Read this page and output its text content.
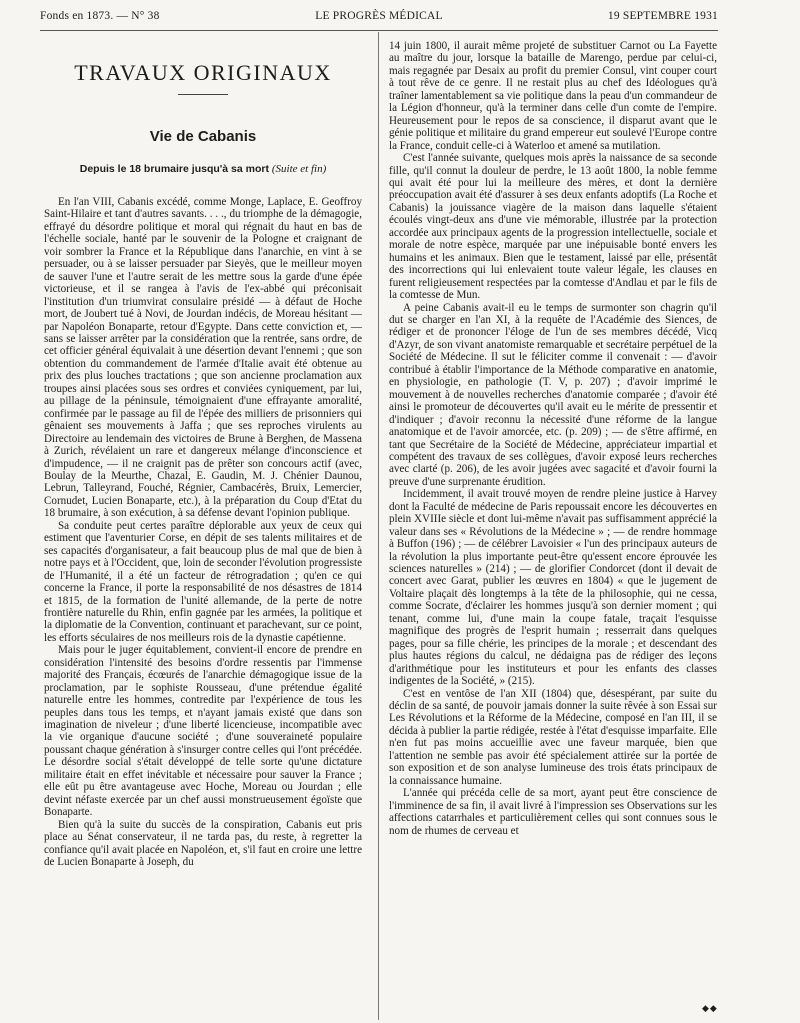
Fonds en 1873. — N° 38	LE PROGRÈS MÉDICAL	19 SEPTEMBRE 1931
TRAVAUX ORIGINAUX
Vie de Cabanis
Depuis le 18 brumaire jusqu'à sa mort (Suite et fin)

En l'an VIII, Cabanis excédé, comme Monge, Laplace, E. Geoffroy Saint-Hilaire et tant d'autres savants. . . ., du triomphe de la démagogie, effrayé du désordre politique et moral qui régnait du haut en bas de l'échelle sociale, hanté par le souvenir de la Pologne et craignant de voir sombrer la France et la République dans l'anarchie, en vint à se persuader, ou à se laisser persuader par Sieyès, que le meilleur moyen de sauver l'une et l'autre serait de les mettre sous la garde d'une épée victorieuse, et il se rangea à l'avis de l'ex-abbé qui préconisait l'institution d'un triumvirat consulaire présidé — à défaut de Hoche mort, de Joubert tué à Novi, de Jourdan indécis, de Moreau hésitant — par Napoléon Bonaparte, retour d'Egypte. Dans cette conviction et, — sans se laisser arrêter par la considération que la rentrée, sans ordre, de cet officier général équivalait à une désertion devant l'ennemi ; que son obtention du commandement de l'armée d'Italie avait été obtenue au prix des plus louches tractations ; que son ancienne proclamation aux troupes ainsi placées sous ses ordres et conviées cyniquement, par lui, au pillage de la péninsule, témoignaient d'une effrayante amoralité, confirmée par le passage au fil de l'épée des milliers de prisonniers qui gênaient ses mouvements à Jaffa ; que ses reproches virulents au Directoire au lendemain des victoires de Brune à Berghen, de Massena à Zurich, révélaient un rare et dangereux mélange d'inconscience et d'impudence, — il ne craignit pas de prêter son concours actif (avec, Boulay de la Meurthe, Chazal, E. Gaudin, M. J. Chénier Daunou, Lebrun, Talleyrand, Fouché, Régnier, Cambacérès, Bruix, Lemercier, Cornudet, Lucien Bonaparte, etc.), à la préparation du Coup d'Etat du 18 brumaire, à son exécution, à sa défense devant l'opinion publique.

Sa conduite peut certes paraître déplorable aux yeux de ceux qui estiment que l'aventurier Corse, en dépit de ses talents militaires et de ses capacités d'organisateur, a fait beaucoup plus de mal que de bien à notre pays et à l'Occident, que, loin de seconder l'évolution progressiste de l'Humanité, il a été un facteur de rétrogradation ; qu'en ce qui concerne la France, il porte la responsabilité de nos désastres de 1814 et 1815, de la formation de l'unité allemande, de la perte de notre frontière naturelle du Rhin, enfin gagnée par les armées, la politique et la diplomatie de la Convention, continuant et parachevant, sur ce point, les efforts séculaires de nos meilleurs rois de la dynastie capétienne.

Mais pour le juger équitablement, convient-il encore de prendre en considération l'intensité des besoins d'ordre ressentis par l'immense majorité des Français, écœurés de l'anarchie démagogique issue de la proclamation, par le sophiste Rousseau, d'une prétendue égalité naturelle entre les hommes, contredite par l'expérience de tous les peuples dans tous les temps, et n'ayant jamais existé que dans son imagination de niveleur ; d'une liberté licencieuse, incompatible avec la vie organique d'aucune société ; d'une souveraineté populaire poussant chaque génération à s'insurger contre celles qui l'ont précédée. Le désordre social s'était développé de telle sorte qu'une dictature militaire était en effet inévitable et nécessaire pour sauver la France ; elle eût pu être avantageuse avec Hoche, Moreau ou Jourdan ; elle devint néfaste exercée par un chef aussi monstrueusement égoïste que Bonaparte.

Bien qu'à la suite du succès de la conspiration, Cabanis eut pris place au Sénat conservateur, il ne tarda pas, du reste, à regretter la confiance qu'il avait placée en Napoléon, et, s'il faut en croire une lettre de Lucien Bonaparte à Joseph, du

14 juin 1800, il aurait même projeté de substituer Carnot ou La Fayette au maître du jour, lorsque la bataille de Marengo, perdue par celui-ci, mais regagnée par Desaix au profit du premier Consul, vint couper court à tout rêve de ce genre. Il ne restait plus au chef des Idéologues qu'à traîner lamentablement sa vie politique dans la peau d'un commandeur de la Légion d'honneur, qu'à la terminer dans celle d'un comte de l'empire. Heureusement pour le repos de sa conscience, il disparut avant que le génie politique et militaire du grand empereur eut soulevé l'Europe contre la France, conduit celle-ci à Waterloo et amené sa mutilation.

C'est l'année suivante, quelques mois après la naissance de sa seconde fille, qu'il connut la douleur de perdre, le 13 août 1800, la noble femme qui avait été pour lui la meilleure des mères, et dont la dernière préoccupation avait été d'assurer à ses deux enfants adoptifs (La Roche et Cabanis) la jouissance viagère de la maison dans laquelle s'étaient écoulés vingt-deux ans d'une vie mémorable, illustrée par la protection accordée aux principaux agents de la progression intellectuelle, sociale et morale de notre espèce, marquée par une inépuisable bonté envers les humains et les animaux. Bien que le testament, laissé par elle, présentât des incorrections qui lui enlevaient toute valeur légale, les clauses en furent religieusement respectées par la comtesse d'Andlau et par le fils de la comtesse de Mun.

A peine Cabanis avait-il eu le temps de surmonter son chagrin qu'il dut se charger en l'an XI, à la requête de l'Académie des Siences, de rédiger et de prononcer l'éloge de l'un de ses membres décédé, Vicq d'Azyr, de son vivant anatomiste remarquable et secrétaire perpétuel de la Société de Médecine. Il sut le féliciter comme il convenait : — d'avoir contribué à établir l'importance de la Méthode comparative en anatomie, en physiologie, en pathologie (T. V, p. 207) ; d'avoir imprimé le mouvement à de nouvelles recherches d'anatomie comparée ; d'avoir été ainsi le promoteur de découvertes qu'il avait eu le mérite de pressentir et d'indiquer ; d'avoir reconnu la nécessité d'une réforme de la langue anatomique et de l'avoir amorcée, etc. (p. 209) ; — de s'être affirmé, en tant que Secrétaire de la Société de Médecine, appréciateur impartial et compétent des travaux de ses collègues, d'avoir exposé leurs recherches avec clarté (p. 206), de les avoir jugées avec sagacité et d'avoir fourni la preuve d'une surprenante érudition.

Incidemment, il avait trouvé moyen de rendre pleine justice à Harvey dont la Faculté de médecine de Paris repoussait encore les découvertes en plein XVIIIe siècle et dont lui-même n'avait pas suffisamment apprécié la valeur dans ses « Révolutions de la Médecine » ; — de rendre hommage à Buffon (196) ; — de célébrer Lavoisier « l'un des principaux auteurs de la révolution la plus importante peut-être qu'essent encore éprouvée les sciences naturelles » (214) ; — de glorifier Condorcet (dont il devait de concert avec Garat, publier les œuvres en 1804) « que le jugement de Voltaire plaçait dès longtemps à la tête de la philosophie, qui ne cessa, comme Socrate, d'éclairer les hommes jusqu'à son dernier moment ; qui tenant, comme lui, d'une main la coupe fatale, traçait l'esquisse magnifique des progrès de l'esprit humain ; resserrait dans quelques pages, pour sa fille chérie, les principes de la morale ; et descendant des plus hautes régions du calcul, ne dédaigna pas de rédiger des leçons d'arithmétique pour les instituteurs et pour les enfants des classes indigentes de la Société, » (215).

C'est en ventôse de l'an XII (1804) que, désespérant, par suite du déclin de sa santé, de pouvoir jamais donner la suite rêvée à son Essai sur Les Révolutions et la Réforme de la Médecine, composé en l'an III, il se décida à publier la partie rédigée, restée à l'état d'esquisse imparfaite. Elle n'en fut pas moins accueillie avec une faveur marquée, bien que l'attention ne semble pas avoir été spécialement attirée sur la portée de son exposition et de son analyse lumineuse des trois états principaux de la connaissance humaine.

L'année qui précéda celle de sa mort, ayant peut être conscience de l'imminence de sa fin, il avait livré à l'impression ses Observations sur les affections catarrhales et particulièrement celles qui sont connues sous le nom de rhumes de cerveau et

◆◆
